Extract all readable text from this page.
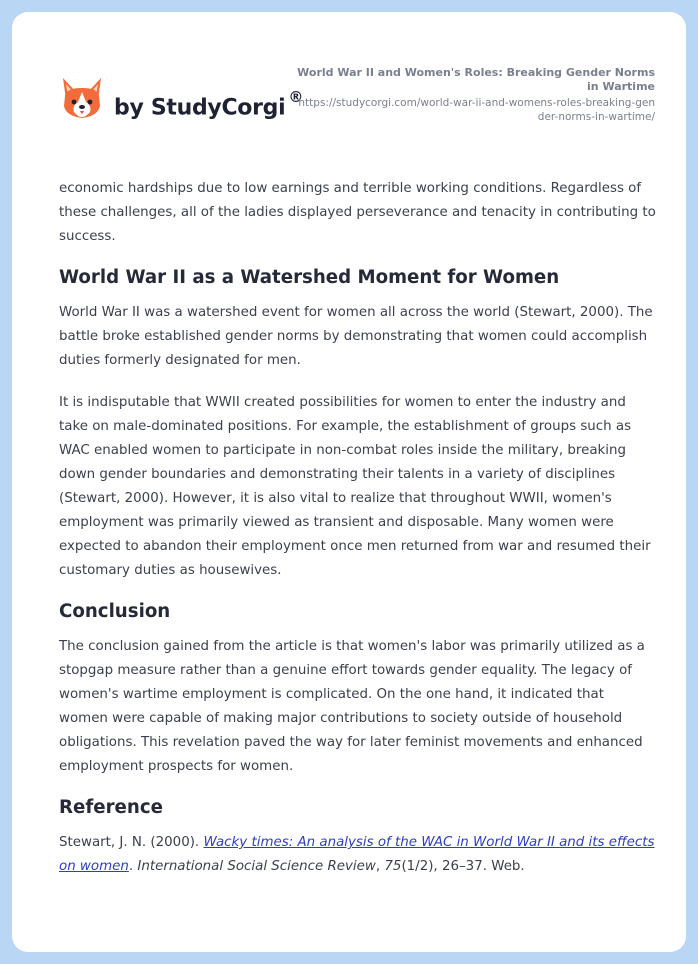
by StudyCorgi ®
World War II and Women's Roles: Breaking Gender Norms in Wartime
https://studycorgi.com/world-war-ii-and-womens-roles-breaking-gender-norms-in-wartime/

economic hardships due to low earnings and terrible working conditions. Regardless of these challenges, all of the ladies displayed perseverance and tenacity in contributing to success.

World War II as a Watershed Moment for Women

World War II was a watershed event for women all across the world (Stewart, 2000). The battle broke established gender norms by demonstrating that women could accomplish duties formerly designated for men.

It is indisputable that WWII created possibilities for women to enter the industry and take on male-dominated positions. For example, the establishment of groups such as WAC enabled women to participate in non-combat roles inside the military, breaking down gender boundaries and demonstrating their talents in a variety of disciplines (Stewart, 2000). However, it is also vital to realize that throughout WWII, women's employment was primarily viewed as transient and disposable. Many women were expected to abandon their employment once men returned from war and resumed their customary duties as housewives.

Conclusion

The conclusion gained from the article is that women's labor was primarily utilized as a stopgap measure rather than a genuine effort towards gender equality. The legacy of women's wartime employment is complicated. On the one hand, it indicated that women were capable of making major contributions to society outside of household obligations. This revelation paved the way for later feminist movements and enhanced employment prospects for women.

Reference

Stewart, J. N. (2000). Wacky times: An analysis of the WAC in World War II and its effects on women. International Social Science Review, 75(1/2), 26–37. Web.
